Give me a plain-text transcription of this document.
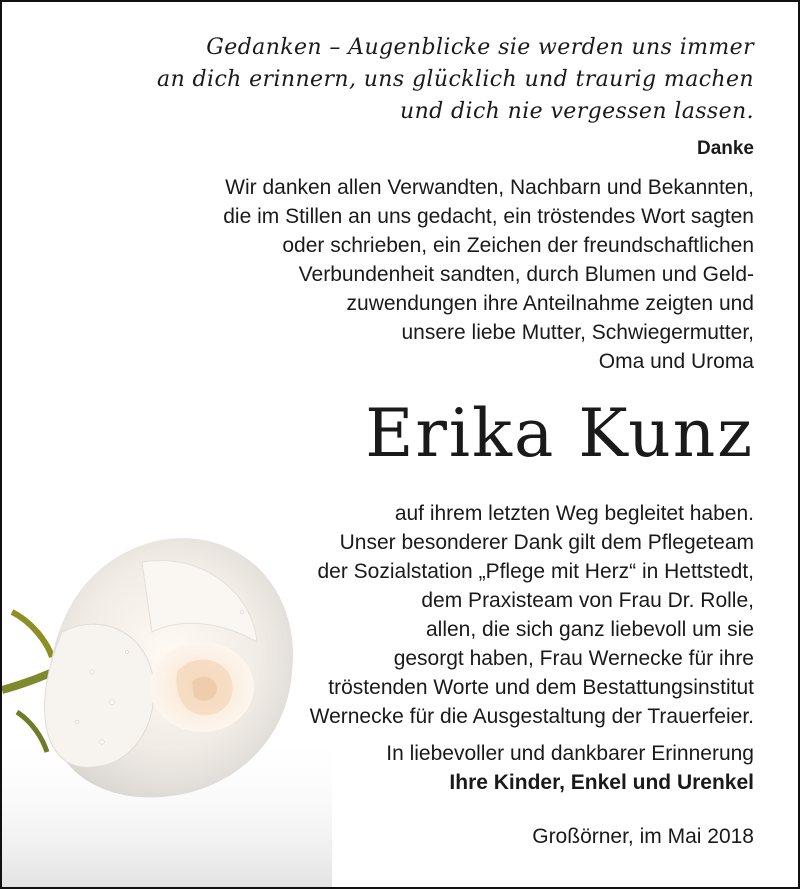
Gedanken – Augenblicke sie werden uns immer
an dich erinnern, uns glücklich und traurig machen
und dich nie vergessen lassen.
Danke
Wir danken allen Verwandten, Nachbarn und Bekannten,
die im Stillen an uns gedacht, ein tröstendes Wort sagten
oder schrieben, ein Zeichen der freundschaftlichen
Verbundenheit sandten, durch Blumen und Geld-
zuwendungen ihre Anteilnahme zeigten und
unsere liebe Mutter, Schwiegermutter,
Oma und Uroma
Erika Kunz
auf ihrem letzten Weg begleitet haben.
Unser besonderer Dank gilt dem Pflegeteam
der Sozialstation „Pflege mit Herz“ in Hettstedt,
dem Praxisteam von Frau Dr. Rolle,
allen, die sich ganz liebevoll um sie
gesorgt haben, Frau Wernecke für ihre
tröstenden Worte und dem Bestattungsinstitut
Wernecke für die Ausgestaltung der Trauerfeier.
In liebevoller und dankbarer Erinnerung
Ihre Kinder, Enkel und Urenkel
Großörner, im Mai 2018
